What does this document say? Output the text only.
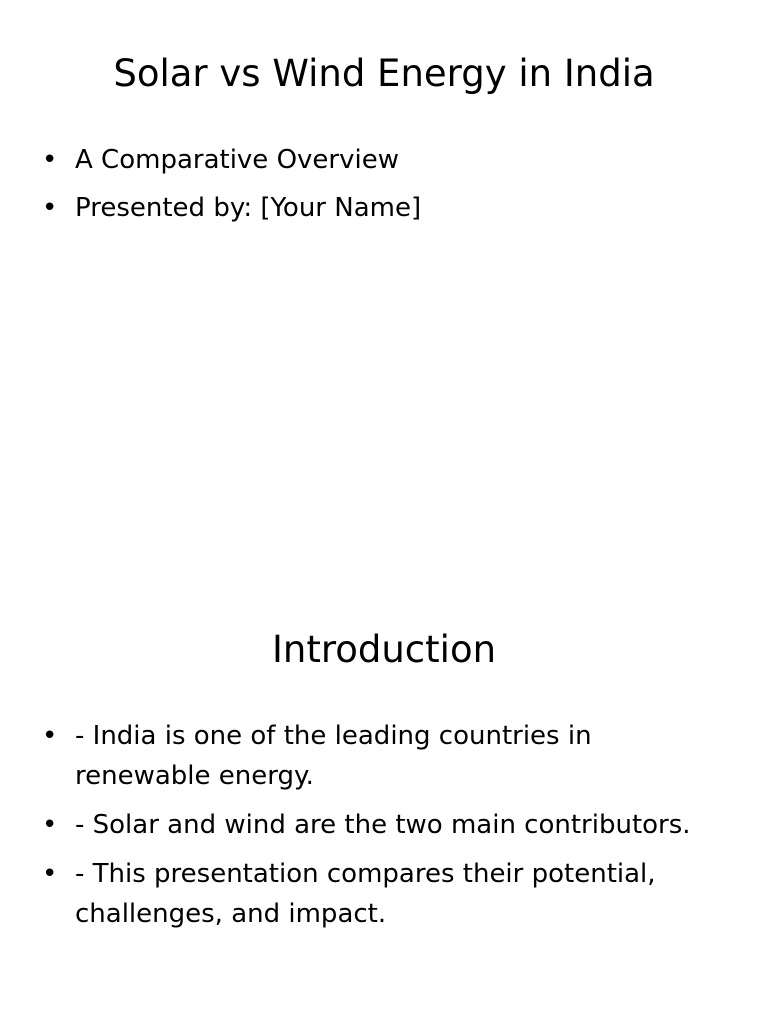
Solar vs Wind Energy in India
• A Comparative Overview
• Presented by: [Your Name]
Introduction
• - India is one of the leading countries in renewable energy.
• - Solar and wind are the two main contributors.
• - This presentation compares their potential, challenges, and impact.
